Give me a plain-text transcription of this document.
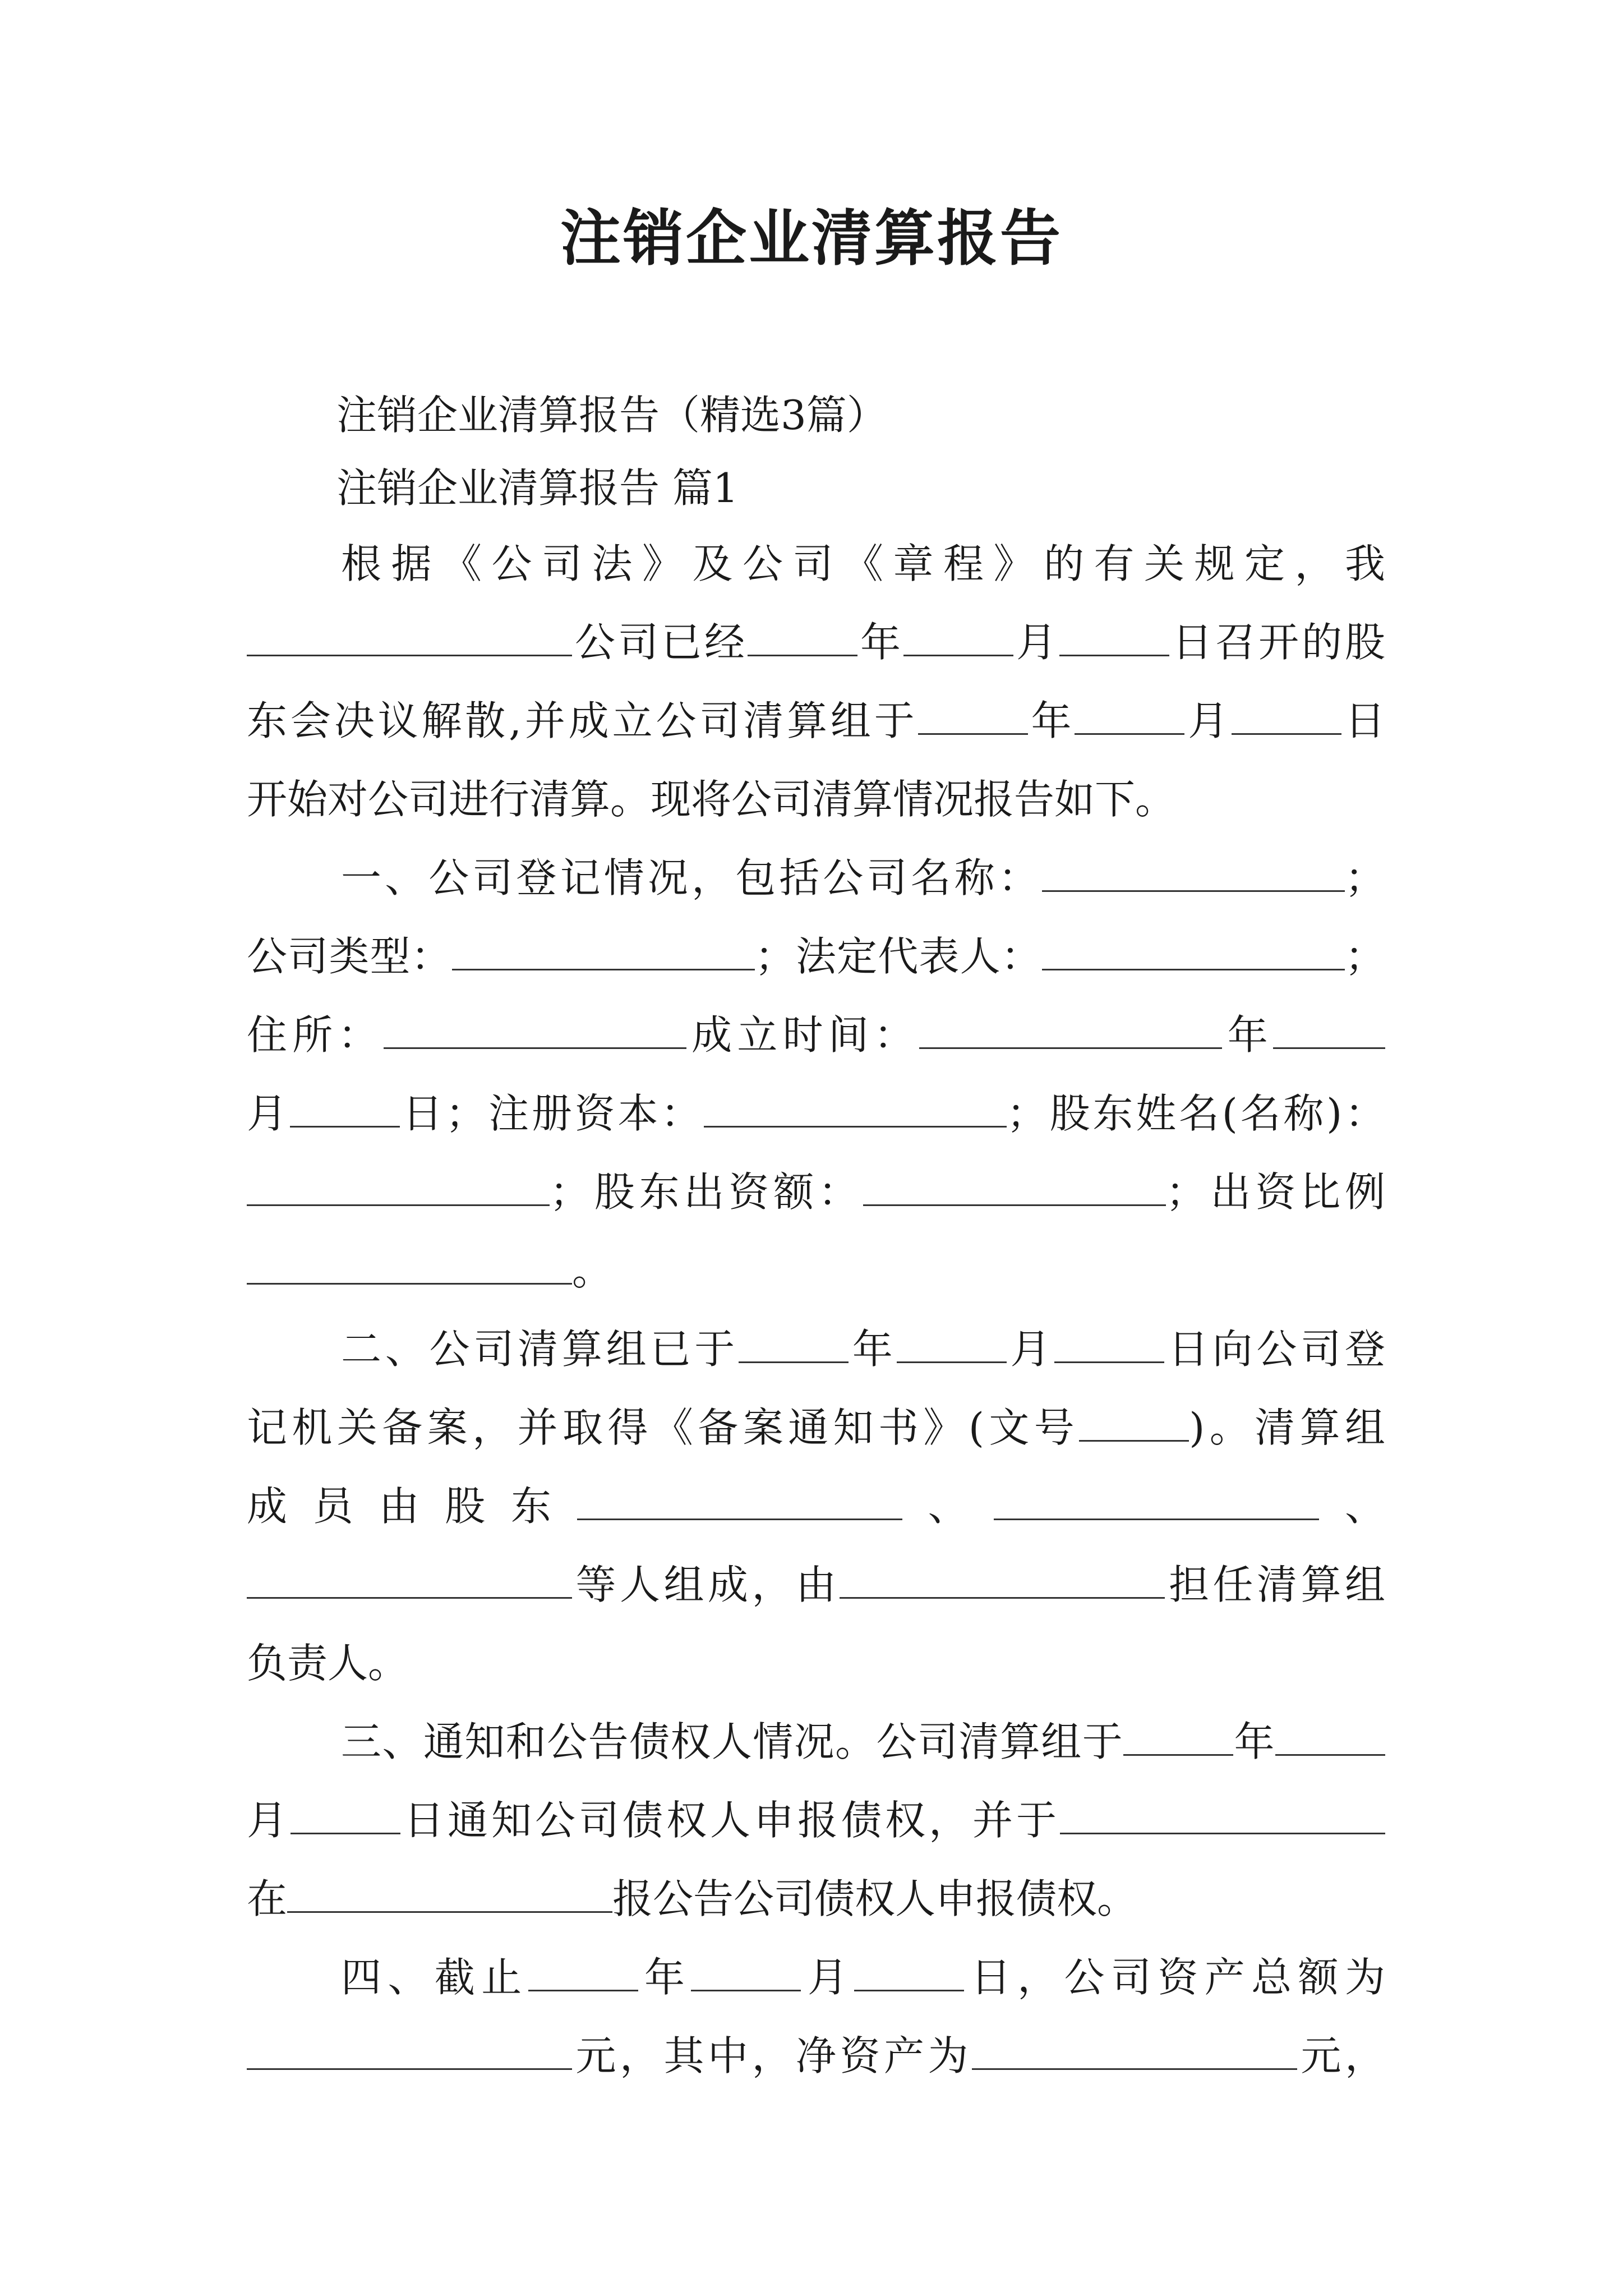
注销企业清算报告
注销企业清算报告（精选3篇）
注销企业清算报告 篇1
根据《公司法》及公司《章程》的有关规定，我
公司已经	年	月	日召开的股
东会决议解散,并成立公司清算组于	年	月	日
开始对公司进行清算。现将公司清算情况报告如下。
一、公司登记情况，包括公司名称：	；
公司类型：	；法定代表人：	；
住所：	成立时间：	年
月	日；注册资本：	；股东姓名(名称)：
；股东出资额：	；出资比例
。
二、公司清算组已于	年	月	日向公司登
记机关备案，并取得《备案通知书》(文号	)。清算组
成员由股东	、	、
等人组成，由	担任清算组
负责人。
三、通知和公告债权人情况。公司清算组于	年
月	日通知公司债权人申报债权，并于
在	报公告公司债权人申报债权。
四、截止	年	月	日，公司资产总额为
元，其中，净资产为	元，
